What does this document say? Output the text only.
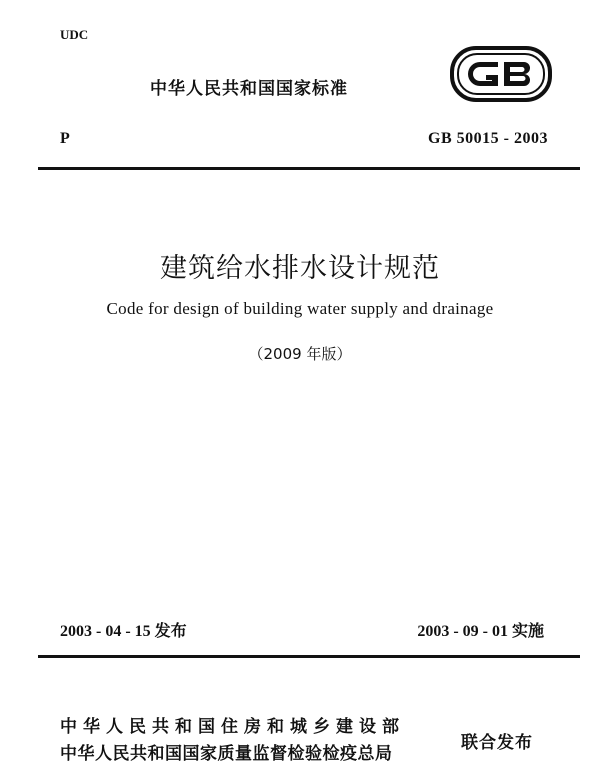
UDC
中华人民共和国国家标准
P	GB 50015 - 2003
建筑给水排水设计规范
Code for design of building water supply and drainage
（2009 年版）
2003 - 04 - 15 发布	2003 - 09 - 01 实施
中华人民共和国住房和城乡建设部
中华人民共和国国家质量监督检验检疫总局
联合发布
